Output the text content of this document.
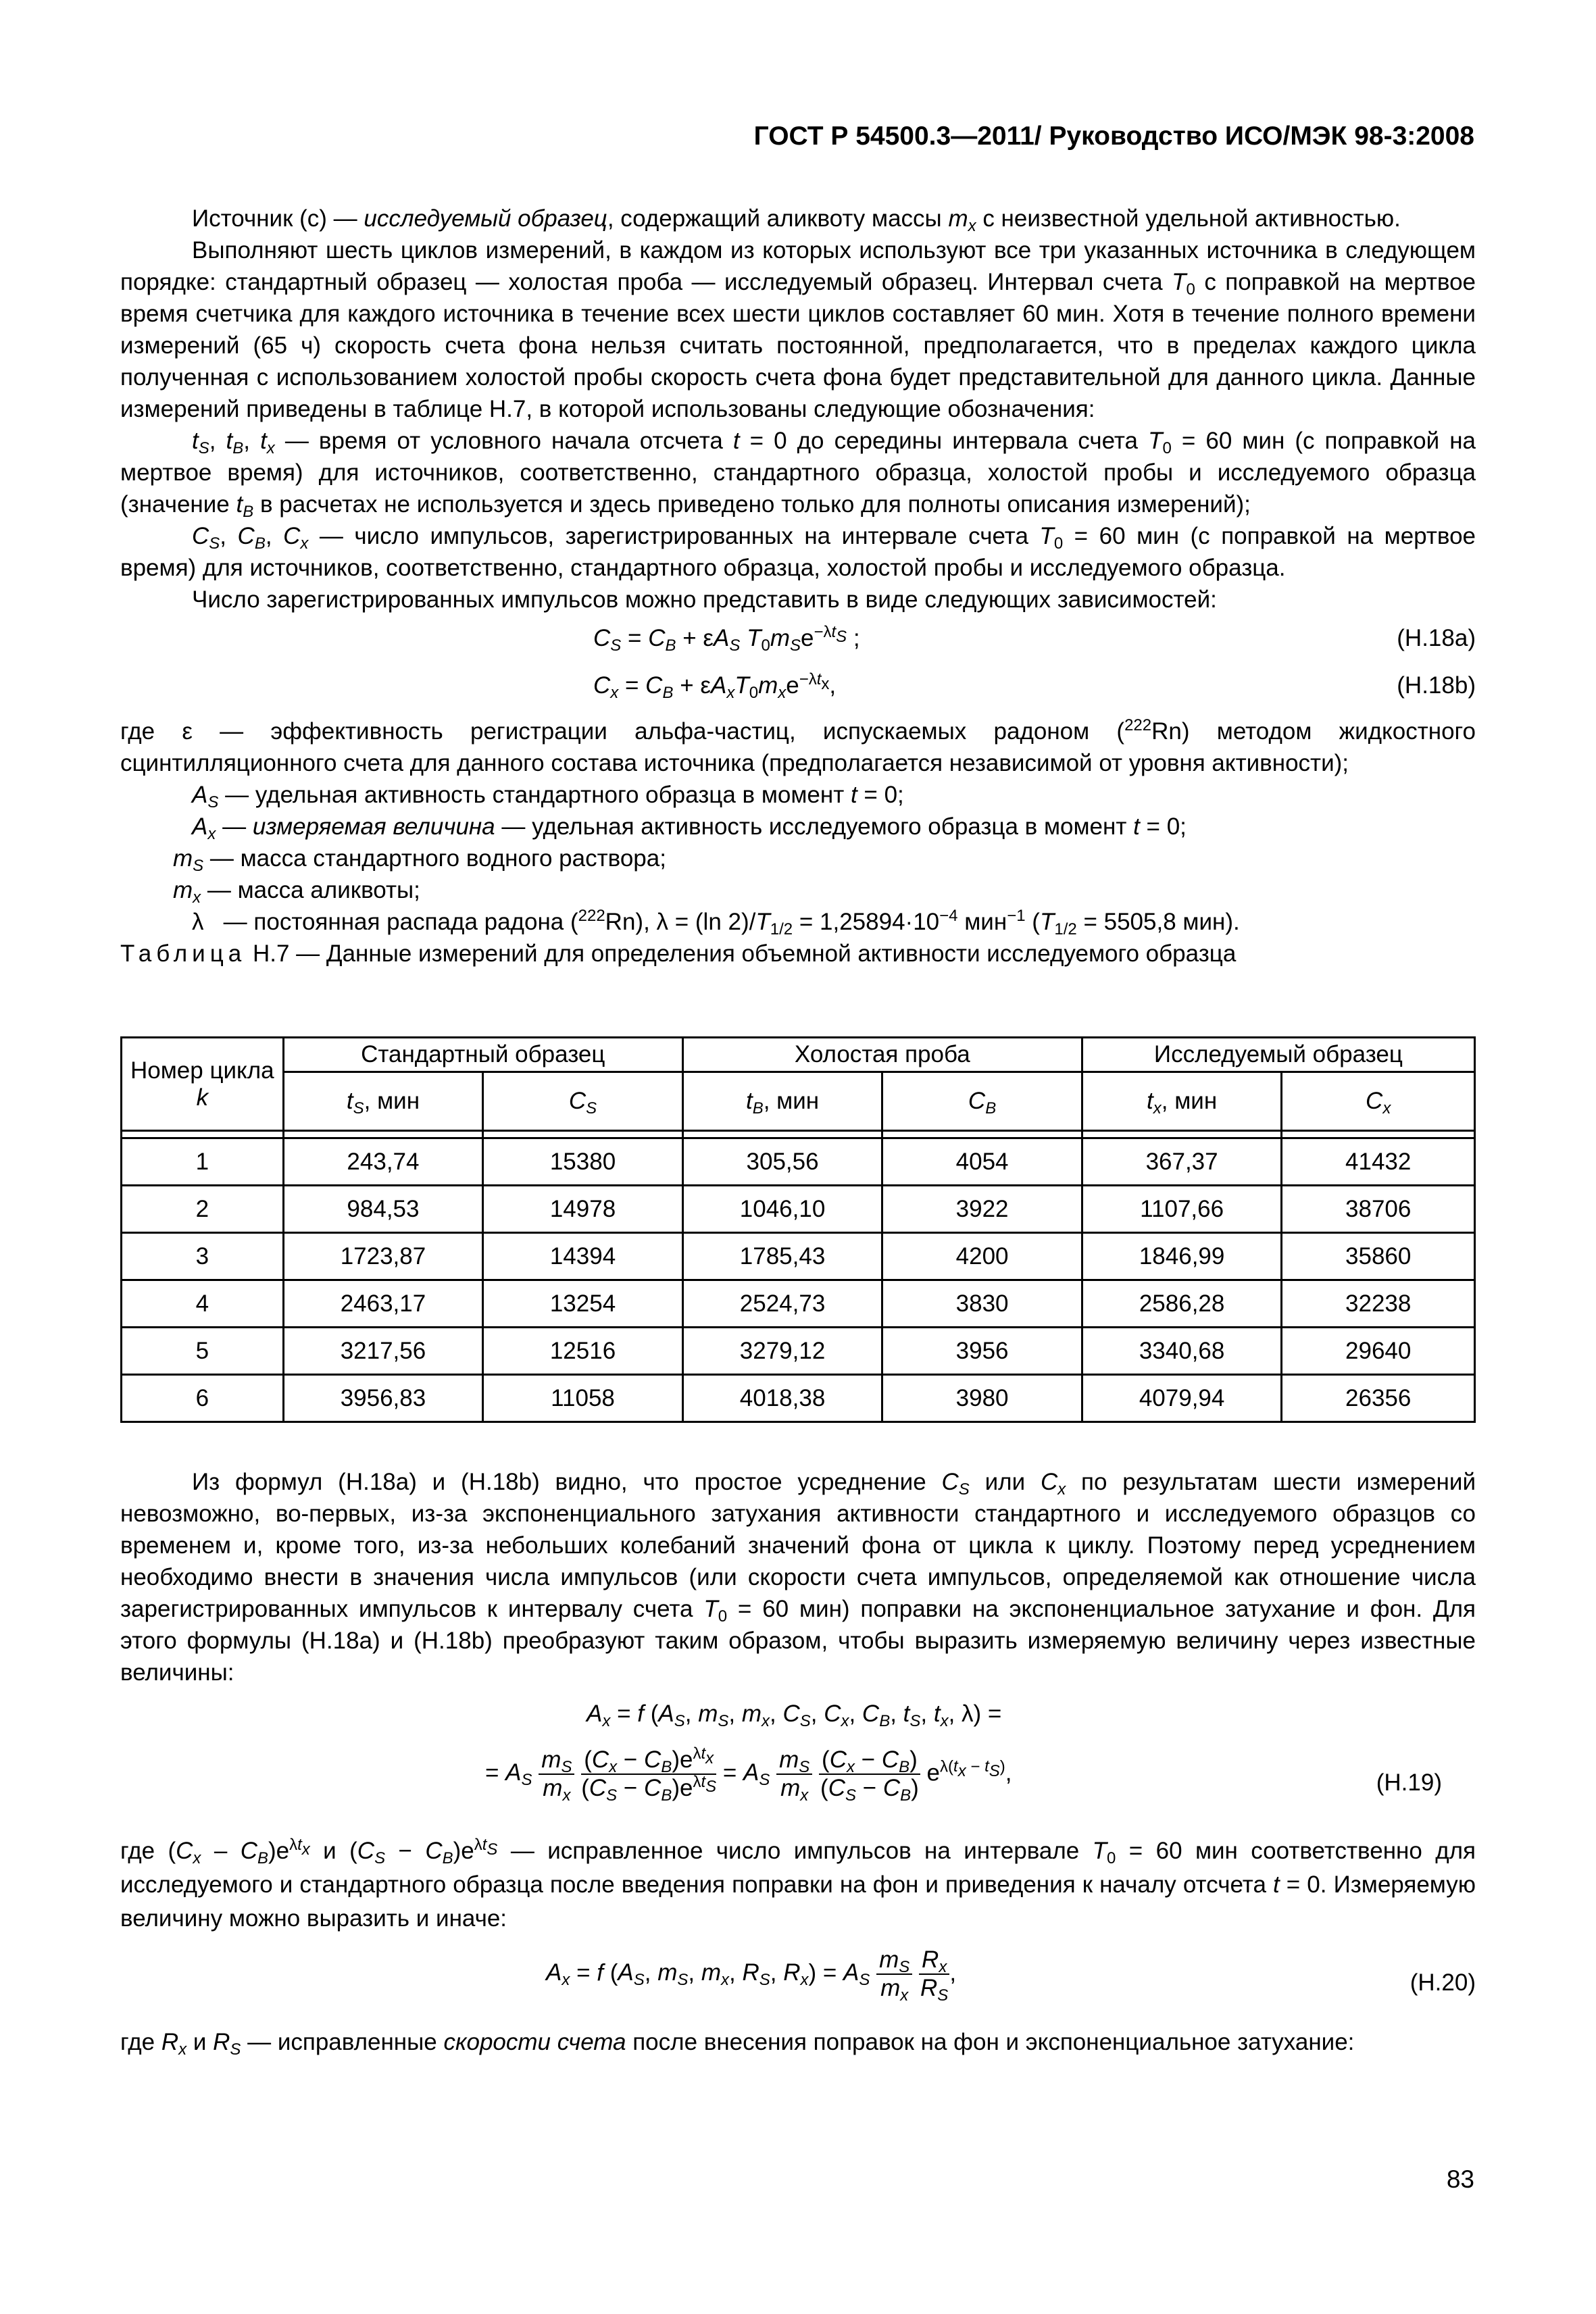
ГОСТ Р 54500.3—2011/ Руководство ИСО/МЭК 98-3:2008

Источник (с) — исследуемый образец, содержащий аликвоту массы $m_x$ с неизвестной удельной активностью.

Выполняют шесть циклов измерений, в каждом из которых используют все три указанных источника в следующем порядке: стандартный образец — холостая проба — исследуемый образец. Интервал счета $T_0$ с поправкой на мертвое время счетчика для каждого источника в течение всех шести циклов составляет 60 мин. Хотя в течение полного времени измерений (65 ч) скорость счета фона нельзя считать постоянной, предполагается, что в пределах каждого цикла полученная с использованием холостой пробы скорость счета фона будет представительной для данного цикла. Данные измерений приведены в таблице H.7, в которой использованы следующие обозначения:

$t_S$, $t_B$, $t_x$ — время от условного начала отсчета t = 0 до середины интервала счета $T_0 = 60$ мин (с поправкой на мертвое время) для источников, соответственно, стандартного образца, холостой пробы и исследуемого образца (значение $t_B$ в расчетах не используется и здесь приведено только для полноты описания измерений);

$C_S$, $C_B$, $C_x$ — число импульсов, зарегистрированных на интервале счета $T_0 = 60$ мин (с поправкой на мертвое время) для источников, соответственно, стандартного образца, холостой пробы и исследуемого образца.

Число зарегистрированных импульсов можно представить в виде следующих зависимостей:

$C_S = C_B + \varepsilon A_S$ $T_0m_Se^{-\lambda t_S}$ ;	(H.18a)
$C_x = C_B + \varepsilon A_xT_0m_xe^{-\lambda t_x}$,	(H.18b)

где ε — эффективность регистрации альфа-частиц, испускаемых радоном ($^{222}$Rn) методом жидкостного сцинтилляционного счета для данного состава источника (предполагается независимой от уровня активности);

$A_S$ — удельная активность стандартного образца в момент t = 0;

$A_x$ — измеряемая величина — удельная активность исследуемого образца в момент t = 0;

$m_S$ — масса стандартного водного раствора;

$m_x$ — масса аликвоты;

λ   — постоянная распада радона ($^{222}$Rn), λ = (ln $2)/T_{1/2} = 1,25894\cdot 10^{-4}$ мин$^{-1}$ ($T_{1/2} = 5505,8$ мин).

Таблица H.7 — Данные измерений для определения объемной активности исследуемого образца

Номер цикла
k	Стандартный образец		Холостая проба		Исследуемый образец	
	$t_S$, мин	$C_S$	$t_B$, мин	$C_B$	$t_x$, мин	$C_x$

1	243,74	15380	305,56	4054	367,37	41432
2	984,53	14978	1046,10	3922	1107,66	38706
3	1723,87	14394	1785,43	4200	1846,99	35860
4	2463,17	13254	2524,73	3830	2586,28	32238
5	3217,56	12516	3279,12	3956	3340,68	29640
6	3956,83	11058	4018,38	3980	4079,94	26356

Из формул (H.18a) и (H.18b) видно, что простое усреднение $C_S$ или $C_x$ по результатам шести измерений невозможно, во-первых, из-за экспоненциального затухания активности стандартного и исследуемого образцов со временем и, кроме того, из-за небольших колебаний значений фона от цикла к циклу. Поэтому перед усреднением необходимо внести в значения числа импульсов (или скорости счета импульсов, определяемой как отношение числа зарегистрированных импульсов к интервалу счета $T_0 = 60$ мин) поправки на экспоненциальное затухание и фон. Для этого формулы (H.18a) и (H.18b) преобразуют таким образом, чтобы выразить измеряемую величину через известные величины:

$A_x = f$ ($A_S$, $m_S$, $m_x$, $C_S$, $C_x$, $C_B$, $t_S$, $t_x$, λ) =
= $A_S \frac{m_S}{m_x}$
$\frac{(C_x - C_B)e^{\lambda t_x}}{(C_S - C_B)e^{\lambda t_S}} = A_S \frac{m_S}{m_x}$
$\frac{(C_x - C_B)}{(C_S - C_B)} e^{\lambda(t_x - t_S)}$,	(H.19)

где $(C_x - C_B)e^{\lambda t_x}$ и $(C_S - C_B)e^{\lambda t_S}$ — исправленное число импульсов на интервале $T_0 = 60$ мин соответственно для исследуемого и стандартного образца после введения поправки на фон и приведения к началу отсчета t = 0. Измеряемую величину можно выразить и иначе:

$A_x = f$ ($A_S$, $m_S$, $m_x$, $R_S$, $R_x) = A_S \frac{m_S}{m_x}$
$\frac{R_x}{R_S}$ ,	(H.20)

где $R_x$ и $R_S$ — исправленные скорости счета после внесения поправок на фон и экспоненциальное затухание:

83
